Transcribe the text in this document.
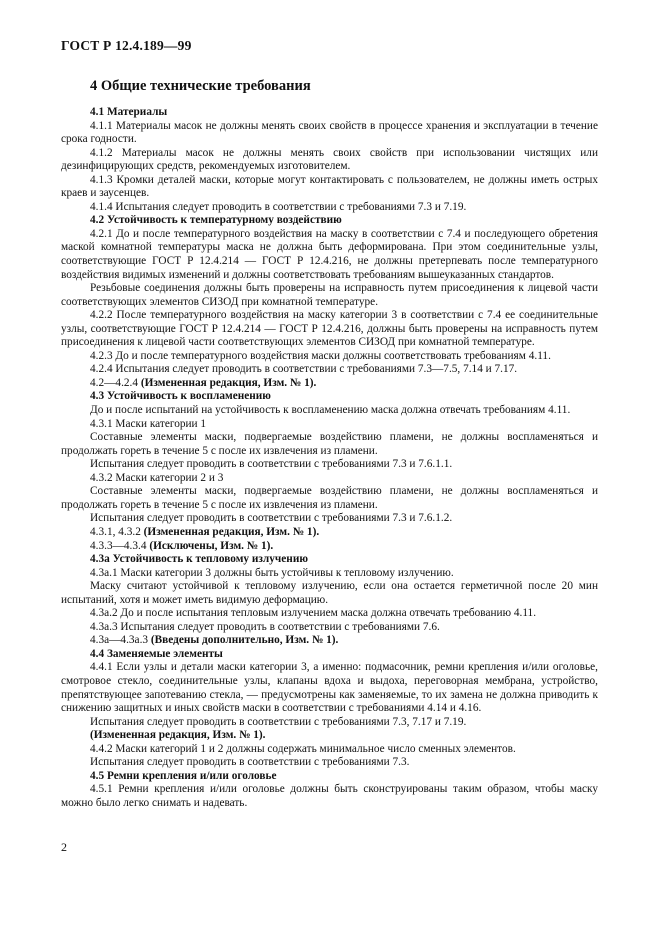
ГОСТ Р 12.4.189—99
4 Общие технические требования

4.1 Материалы

4.1.1 Материалы масок не должны менять своих свойств в процессе хранения и эксплуатации в течение срока годности.

4.1.2 Материалы масок не должны менять своих свойств при использовании чистящих или дезинфицирующих средств, рекомендуемых изготовителем.

4.1.3 Кромки деталей маски, которые могут контактировать с пользователем, не должны иметь острых краев и заусенцев.

4.1.4 Испытания следует проводить в соответствии с требованиями 7.3 и 7.19.

4.2 Устойчивость к температурному воздействию

4.2.1 До и после температурного воздействия на маску в соответствии с 7.4 и последующего обретения маской комнатной температуры маска не должна быть деформирована. При этом соединительные узлы, соответствующие ГОСТ Р 12.4.214 — ГОСТ Р 12.4.216, не должны претерпевать после температурного воздействия видимых изменений и должны соответствовать требованиям вышеуказанных стандартов.

Резьбовые соединения должны быть проверены на исправность путем присоединения к лицевой части соответствующих элементов СИЗОД при комнатной температуре.

4.2.2 После температурного воздействия на маску категории 3 в соответствии с 7.4 ее соединительные узлы, соответствующие ГОСТ Р 12.4.214 — ГОСТ Р 12.4.216, должны быть проверены на исправность путем присоединения к лицевой части соответствующих элементов СИЗОД при комнатной температуре.

4.2.3 До и после температурного воздействия маски должны соответствовать требованиям 4.11.

4.2.4 Испытания следует проводить в соответствии с требованиями 7.3—7.5, 7.14 и 7.17.

4.2—4.2.4 (Измененная редакция, Изм. № 1).

4.3 Устойчивость к воспламенению

До и после испытаний на устойчивость к воспламенению маска должна отвечать требованиям 4.11.

4.3.1 Маски категории 1

Составные элементы маски, подвергаемые воздействию пламени, не должны воспламеняться и продолжать гореть в течение 5 с после их извлечения из пламени.

Испытания следует проводить в соответствии с требованиями 7.3 и 7.6.1.1.

4.3.2 Маски категории 2 и 3

Составные элементы маски, подвергаемые воздействию пламени, не должны воспламеняться и продолжать гореть в течение 5 с после их извлечения из пламени.

Испытания следует проводить в соответствии с требованиями 7.3 и 7.6.1.2.

4.3.1, 4.3.2 (Измененная редакция, Изм. № 1).

4.3.3—4.3.4 (Исключены, Изм. № 1).

4.3а Устойчивость к тепловому излучению

4.3а.1 Маски категории 3 должны быть устойчивы к тепловому излучению.

Маску считают устойчивой к тепловому излучению, если она остается герметичной после 20 мин испытаний, хотя и может иметь видимую деформацию.

4.3а.2 До и после испытания тепловым излучением маска должна отвечать требованию 4.11.

4.3а.3 Испытания следует проводить в соответствии с требованиями 7.6.

4.3а—4.3а.3 (Введены дополнительно, Изм. № 1).

4.4 Заменяемые элементы

4.4.1 Если узлы и детали маски категории 3, а именно: подмасочник, ремни крепления и/или оголовье, смотровое стекло, соединительные узлы, клапаны вдоха и выдоха, переговорная мембрана, устройство, препятствующее запотеванию стекла, — предусмотрены как заменяемые, то их замена не должна приводить к снижению защитных и иных свойств маски в соответствии с требованиями 4.14 и 4.16.

Испытания следует проводить в соответствии с требованиями 7.3, 7.17 и 7.19.

(Измененная редакция, Изм. № 1).

4.4.2 Маски категорий 1 и 2 должны содержать минимальное число сменных элементов.

Испытания следует проводить в соответствии с требованиями 7.3.

4.5 Ремни крепления и/или оголовье

4.5.1 Ремни крепления и/или оголовье должны быть сконструированы таким образом, чтобы маску можно было легко снимать и надевать.

2
